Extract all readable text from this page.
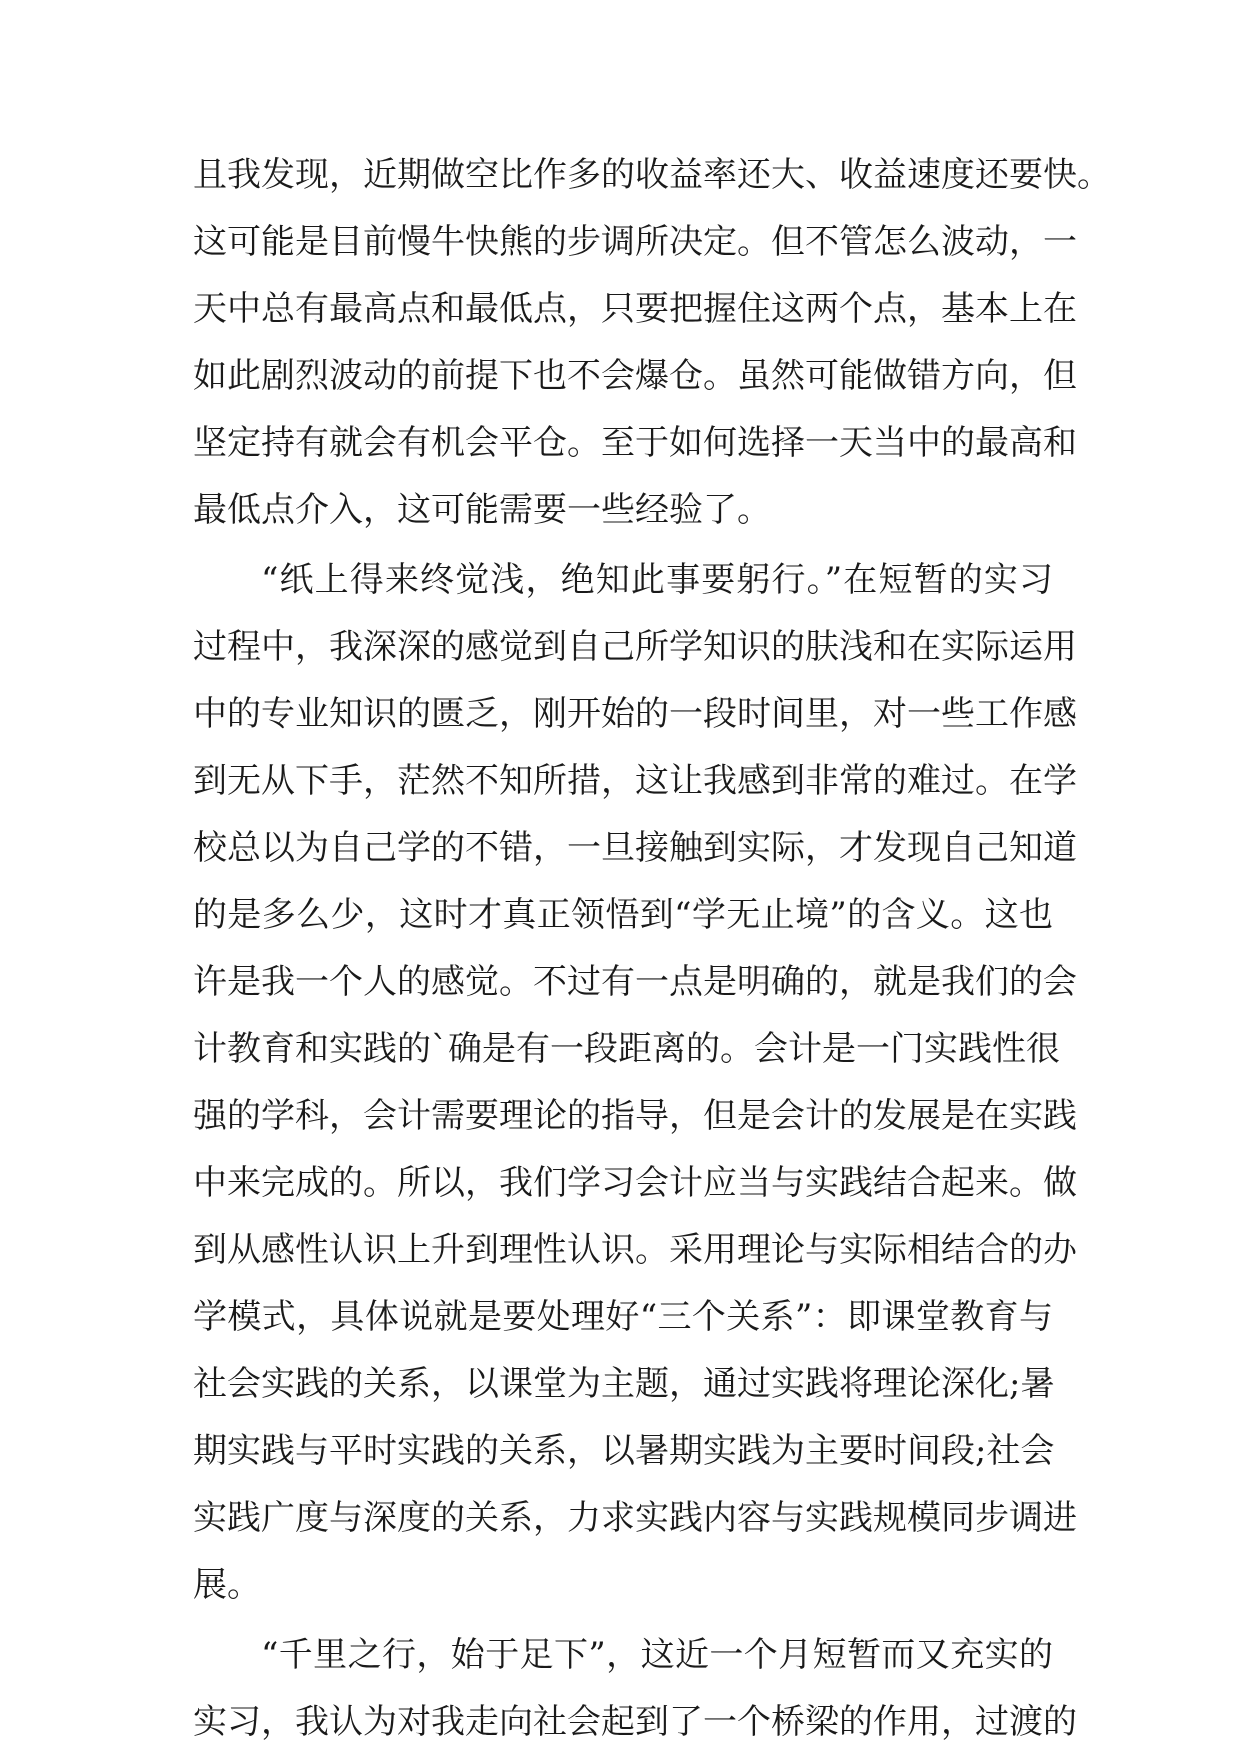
且我发现，近期做空比作多的收益率还大、收益速度还要快。
这可能是目前慢牛快熊的步调所决定。但不管怎么波动，一
天中总有最高点和最低点，只要把握住这两个点，基本上在
如此剧烈波动的前提下也不会爆仓。虽然可能做错方向，但
坚定持有就会有机会平仓。至于如何选择一天当中的最高和
最低点介入，这可能需要一些经验了。
“纸上得来终觉浅，绝知此事要躬行。”在短暂的实习
过程中，我深深的感觉到自己所学知识的肤浅和在实际运用
中的专业知识的匮乏，刚开始的一段时间里，对一些工作感
到无从下手，茫然不知所措，这让我感到非常的难过。在学
校总以为自己学的不错，一旦接触到实际，才发现自己知道
的是多么少，这时才真正领悟到“学无止境”的含义。这也
许是我一个人的感觉。不过有一点是明确的，就是我们的会
计教育和实践的`确是有一段距离的。会计是一门实践性很
强的学科，会计需要理论的指导，但是会计的发展是在实践
中来完成的。所以，我们学习会计应当与实践结合起来。做
到从感性认识上升到理性认识。采用理论与实际相结合的办
学模式，具体说就是要处理好“三个关系”：即课堂教育与
社会实践的关系，以课堂为主题，通过实践将理论深化;暑
期实践与平时实践的关系，以暑期实践为主要时间段;社会
实践广度与深度的关系，力求实践内容与实践规模同步调进
展。
“千里之行，始于足下”，这近一个月短暂而又充实的
实习，我认为对我走向社会起到了一个桥梁的作用，过渡的
